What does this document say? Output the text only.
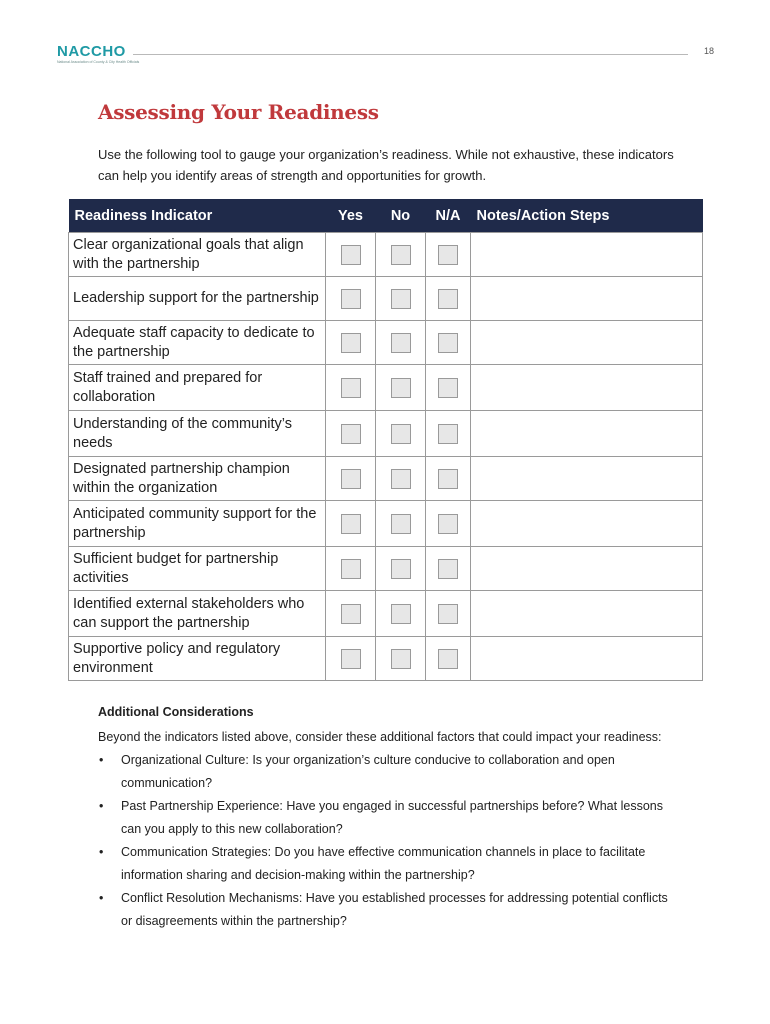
NACCHO
National Association of County & City Health Officials
18
Assessing Your Readiness

Use the following tool to gauge your organization’s readiness. While not exhaustive, these indicators can help you identify areas of strength and opportunities for growth.

Readiness Indicator	Yes	No	N/A	Notes/Action Steps
Clear organizational goals that align with the partnership				
Leadership support for the partnership				
Adequate staff capacity to dedicate to the partnership				
Staff trained and prepared for collaboration				
Understanding of the community’s needs				
Designated partnership champion within the organization				
Anticipated community support for the partnership				
Sufficient budget for partnership activities				
Identified external stakeholders who can support the partnership				
Supportive policy and regulatory environment				
Additional Considerations

Beyond the indicators listed above, consider these additional factors that could impact your readiness:

• Organizational Culture: Is your organization’s culture conducive to collaboration and open communication?
• Past Partnership Experience: Have you engaged in successful partnerships before? What lessons can you apply to this new collaboration?
• Communication Strategies: Do you have effective communication channels in place to facilitate information sharing and decision-making within the partnership?
• Conflict Resolution Mechanisms: Have you established processes for addressing potential conflicts or disagreements within the partnership?
